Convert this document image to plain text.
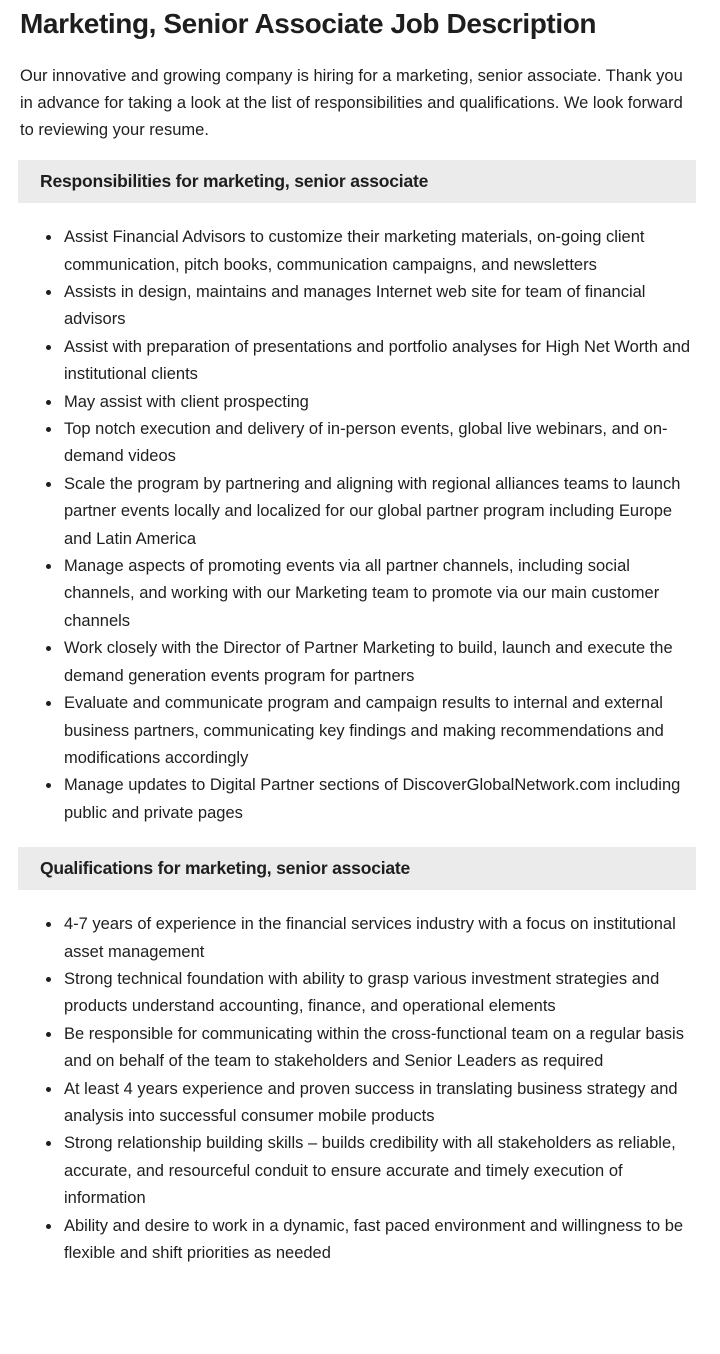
Marketing, Senior Associate Job Description

Our innovative and growing company is hiring for a marketing, senior associate. Thank you in advance for taking a look at the list of responsibilities and qualifications. We look forward to reviewing your resume.

Responsibilities for marketing, senior associate
• Assist Financial Advisors to customize their marketing materials, on-going client communication, pitch books, communication campaigns, and newsletters
• Assists in design, maintains and manages Internet web site for team of financial advisors
• Assist with preparation of presentations and portfolio analyses for High Net Worth and institutional clients
• May assist with client prospecting
• Top notch execution and delivery of in-person events, global live webinars, and on-demand videos
• Scale the program by partnering and aligning with regional alliances teams to launch partner events locally and localized for our global partner program including Europe and Latin America
• Manage aspects of promoting events via all partner channels, including social channels, and working with our Marketing team to promote via our main customer channels
• Work closely with the Director of Partner Marketing to build, launch and execute the demand generation events program for partners
• Evaluate and communicate program and campaign results to internal and external business partners, communicating key findings and making recommendations and modifications accordingly
• Manage updates to Digital Partner sections of DiscoverGlobalNetwork.com including public and private pages
Qualifications for marketing, senior associate
• 4-7 years of experience in the financial services industry with a focus on institutional asset management
• Strong technical foundation with ability to grasp various investment strategies and products understand accounting, finance, and operational elements
• Be responsible for communicating within the cross-functional team on a regular basis and on behalf of the team to stakeholders and Senior Leaders as required
• At least 4 years experience and proven success in translating business strategy and analysis into successful consumer mobile products
• Strong relationship building skills – builds credibility with all stakeholders as reliable, accurate, and resourceful conduit to ensure accurate and timely execution of information
• Ability and desire to work in a dynamic, fast paced environment and willingness to be flexible and shift priorities as needed
